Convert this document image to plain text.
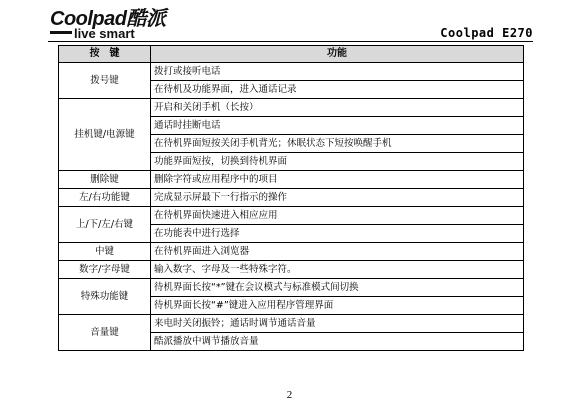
Coolpad酷派
live smart	Coolpad E270
按　键	功能
拨号键	拨打或接听电话
	在待机及功能界面，进入通话记录
挂机键/电源键	开启和关闭手机（长按）
	通话时挂断电话
	在待机界面短按关闭手机背光；休眠状态下短按唤醒手机
	功能界面短按，切换到待机界面
删除键	删除字符或应用程序中的项目
左/右功能键	完成显示屏最下一行指示的操作
上/下/左/右键	在待机界面快速进入相应应用
	在功能表中进行选择
中键	在待机界面进入浏览器
数字/字母键	输入数字、字母及一些特殊字符。
特殊功能键	待机界面长按“*”键在会议模式与标准模式间切换
	待机界面长按“#”键进入应用程序管理界面
音量键	来电时关闭振铃；通话时调节通话音量
	酷派播放中调节播放音量
2
